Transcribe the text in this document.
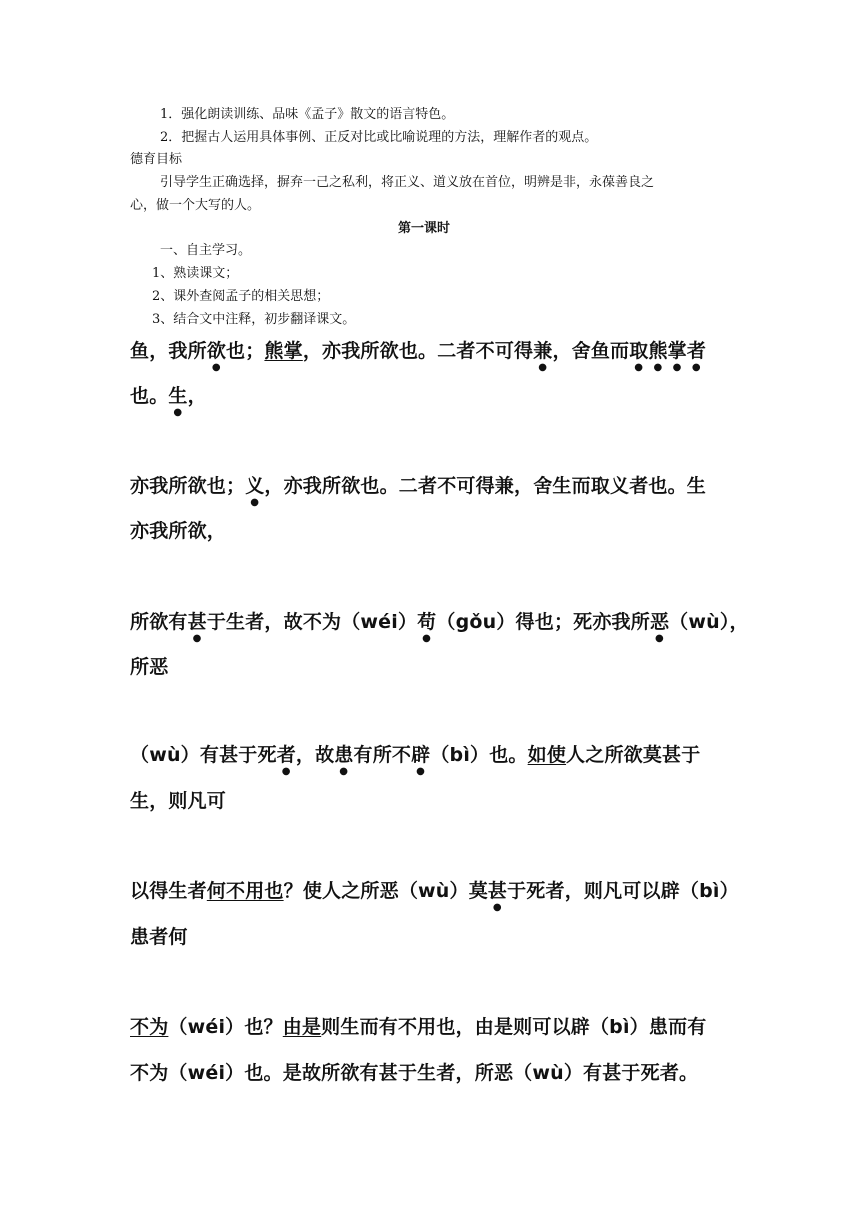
1．强化朗读训练、品味《孟子》散文的语言特色。
2．把握古人运用具体事例、正反对比或比喻说理的方法，理解作者的观点。
德育目标
引导学生正确选择，摒弃一己之私利，将正义、道义放在首位，明辨是非，永葆善良之
心，做一个大写的人。
第一课时
一、自主学习。
1、熟读课文；
2、课外查阅孟子的相关思想；
3、结合文中注释，初步翻译课文。
鱼，我所欲也；熊掌，亦我所欲也。二者不可得兼，舍鱼而取熊掌者
也。生，
亦我所欲也；义，亦我所欲也。二者不可得兼，舍生而取义者也。生
亦我所欲，
所欲有甚于生者，故不为（wéi）苟（gǒu）得也；死亦我所恶（wù），
所恶
（wù）有甚于死者，故患有所不辟（bì）也。如使人之所欲莫甚于
生，则凡可
以得生者何不用也？使人之所恶（wù）莫甚于死者，则凡可以辟（bì）
患者何
不为（wéi）也？由是则生而有不用也，由是则可以辟（bì）患而有
不为（wéi）也。是故所欲有甚于生者，所恶（wù）有甚于死者。
